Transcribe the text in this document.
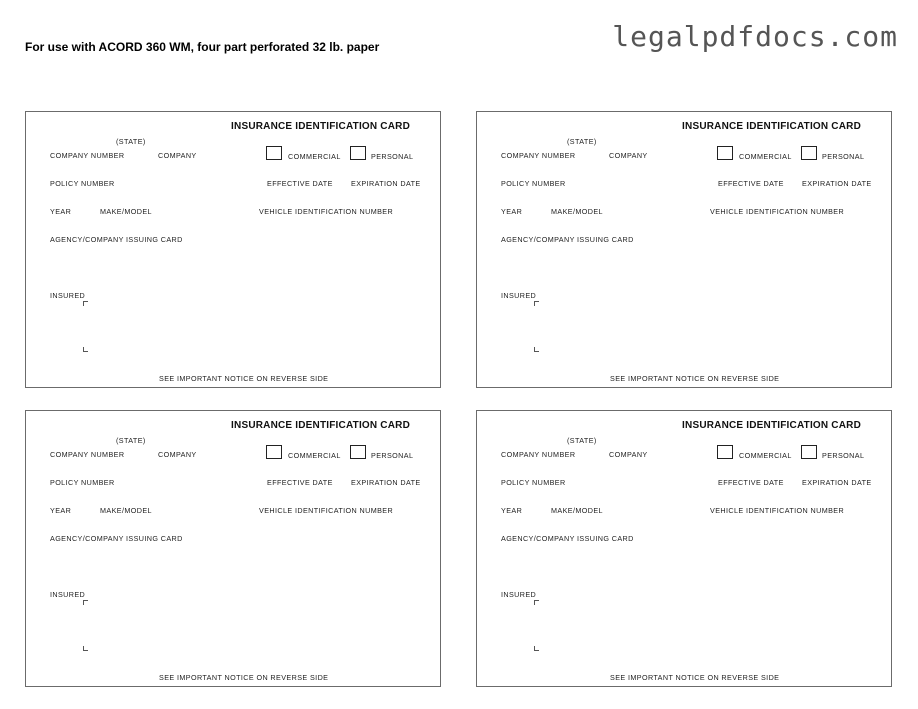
For use with ACORD 360 WM, four part perforated 32 lb. paper	legalpdfdocs.com
INSURANCE IDENTIFICATION CARD
(STATE)
COMPANY NUMBER	COMPANY	COMMERCIAL	PERSONAL
POLICY NUMBER	EFFECTIVE DATE	EXPIRATION DATE
YEAR	MAKE/MODEL	VEHICLE IDENTIFICATION NUMBER
AGENCY/COMPANY ISSUING CARD
INSURED
SEE IMPORTANT NOTICE ON REVERSE SIDE
INSURANCE IDENTIFICATION CARD
(STATE)
COMPANY NUMBER	COMPANY	COMMERCIAL	PERSONAL
POLICY NUMBER	EFFECTIVE DATE	EXPIRATION DATE
YEAR	MAKE/MODEL	VEHICLE IDENTIFICATION NUMBER
AGENCY/COMPANY ISSUING CARD
INSURED
SEE IMPORTANT NOTICE ON REVERSE SIDE
INSURANCE IDENTIFICATION CARD
(STATE)
COMPANY NUMBER	COMPANY	COMMERCIAL	PERSONAL
POLICY NUMBER	EFFECTIVE DATE	EXPIRATION DATE
YEAR	MAKE/MODEL	VEHICLE IDENTIFICATION NUMBER
AGENCY/COMPANY ISSUING CARD
INSURED
SEE IMPORTANT NOTICE ON REVERSE SIDE
INSURANCE IDENTIFICATION CARD
(STATE)
COMPANY NUMBER	COMPANY	COMMERCIAL	PERSONAL
POLICY NUMBER	EFFECTIVE DATE	EXPIRATION DATE
YEAR	MAKE/MODEL	VEHICLE IDENTIFICATION NUMBER
AGENCY/COMPANY ISSUING CARD
INSURED
SEE IMPORTANT NOTICE ON REVERSE SIDE
